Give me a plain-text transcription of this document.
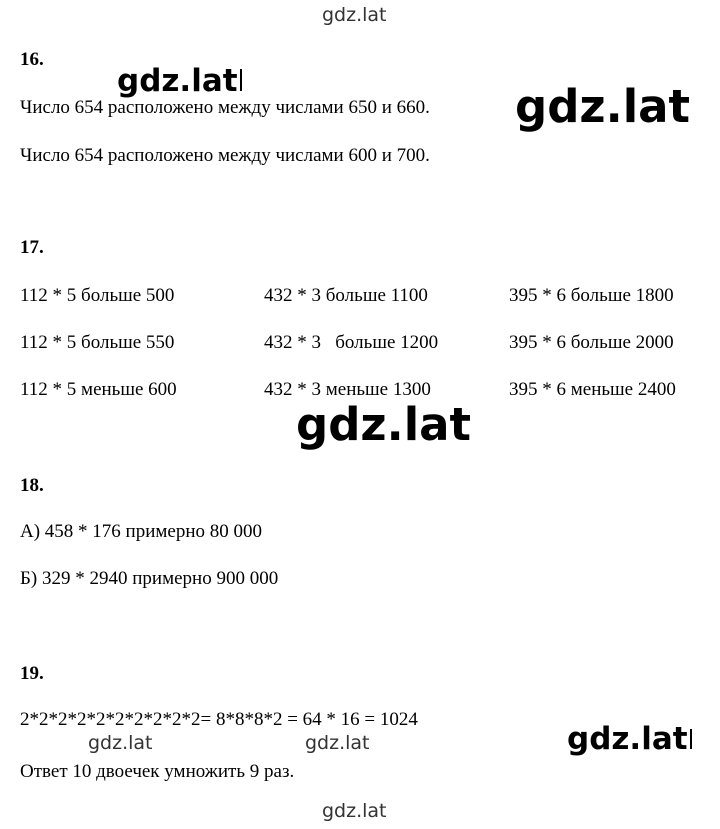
gdz.lat
16.
gdz.lat
Число 654 расположено между числами 650 и 660. gdz.lat
Число 654 расположено между числами 600 и 700.
17.
112 * 5 больше 500	432 * 3 больше 1100	395 * 6 больше 1800
112 * 5 больше 550	432 * 3   больше 1200	395 * 6 больше 2000
112 * 5 меньше 600	432 * 3 меньше 1300	395 * 6 меньше 2400
gdz.lat
18.
А) 458 * 176 примерно 80 000
Б) 329 * 2940 примерно 900 000
19.
2*2*2*2*2*2*2*2*2*2= 8*8*8*2 = 64 * 16 = 1024
gdz.lat	gdz.lat	gdz.lat
Ответ 10 двоечек умножить 9 раз.
gdz.lat
